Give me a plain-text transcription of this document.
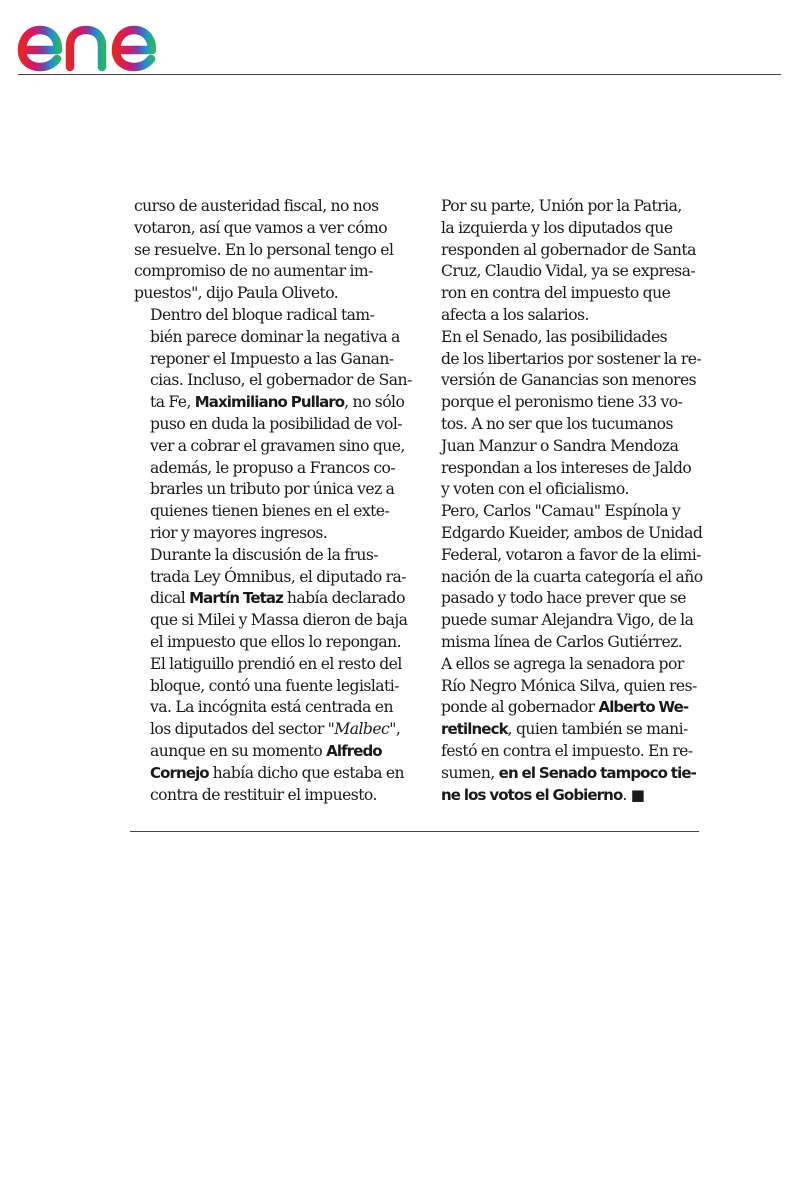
curso de austeridad fiscal, no nos
votaron, así que vamos a ver cómo
se resuelve. En lo personal tengo el
compromiso de no aumentar im-
puestos", dijo Paula Oliveto.

Dentro del bloque radical tam-
bién parece dominar la negativa a
reponer el Impuesto a las Ganan-
cias. Incluso, el gobernador de San-
ta Fe, Maximiliano Pullaro, no sólo
puso en duda la posibilidad de vol-
ver a cobrar el gravamen sino que,
además, le propuso a Francos co-
brarles un tributo por única vez a
quienes tienen bienes en el exte-
rior y mayores ingresos.

Durante la discusión de la frus-
trada Ley Ómnibus, el diputado ra-
dical Martín Tetaz había declarado
que si Milei y Massa dieron de baja
el impuesto que ellos lo repongan.
El latiguillo prendió en el resto del
bloque, contó una fuente legislati-
va. La incógnita está centrada en
los diputados del sector "Malbec",
aunque en su momento Alfredo
Cornejo había dicho que estaba en
contra de restituir el impuesto.

Por su parte, Unión por la Patria,
la izquierda y los diputados que
responden al gobernador de Santa
Cruz, Claudio Vidal, ya se expresa-
ron en contra del impuesto que
afecta a los salarios.

En el Senado, las posibilidades
de los libertarios por sostener la re-
versión de Ganancias son menores
porque el peronismo tiene 33 vo-
tos. A no ser que los tucumanos
Juan Manzur o Sandra Mendoza
respondan a los intereses de Jaldo
y voten con el oficialismo.

Pero, Carlos "Camau" Espínola y
Edgardo Kueider, ambos de Unidad
Federal, votaron a favor de la elimi-
nación de la cuarta categoría el año
pasado y todo hace prever que se
puede sumar Alejandra Vigo, de la
misma línea de Carlos Gutiérrez.

A ellos se agrega la senadora por
Río Negro Mónica Silva, quien res-
ponde al gobernador Alberto We-
retilneck, quien también se mani-
festó en contra el impuesto. En re-
sumen, en el Senado tampoco tie-
ne los votos el Gobierno. ■
